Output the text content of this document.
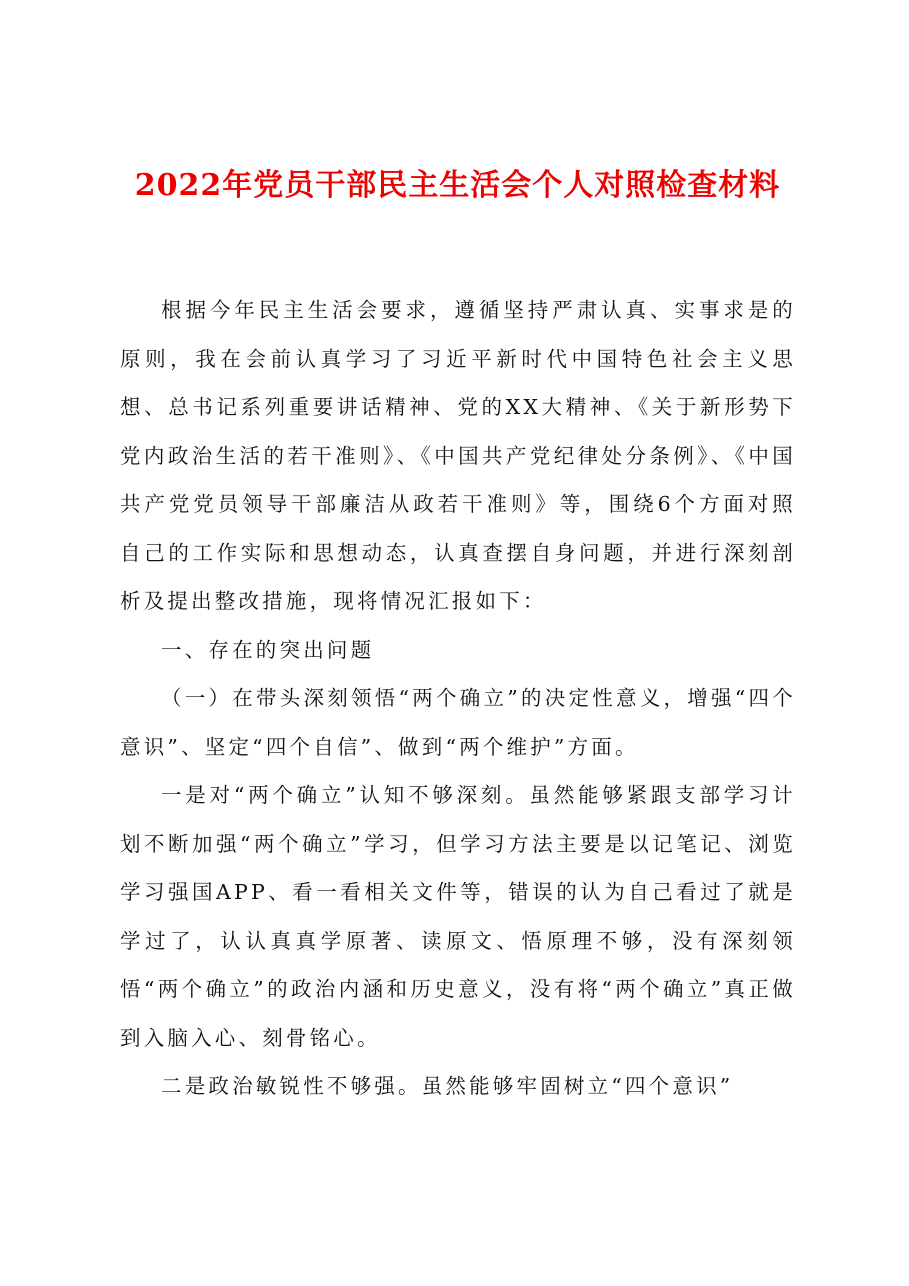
2022年党员干部民主生活会个人对照检查材料

根据今年民主生活会要求，遵循坚持严肃认真、实事求是的原则，我在会前认真学习了习近平新时代中国特色社会主义思想、总书记系列重要讲话精神、党的XX大精神、《关于新形势下党内政治生活的若干准则》、《中国共产党纪律处分条例》、《中国共产党党员领导干部廉洁从政若干准则》等，围绕6个方面对照自己的工作实际和思想动态，认真查摆自身问题，并进行深刻剖析及提出整改措施，现将情况汇报如下：

一、存在的突出问题

（一）在带头深刻领悟“两个确立”的决定性意义，增强“四个意识”、坚定“四个自信”、做到“两个维护”方面。

一是对“两个确立”认知不够深刻。虽然能够紧跟支部学习计划不断加强“两个确立”学习，但学习方法主要是以记笔记、浏览学习强国APP、看一看相关文件等，错误的认为自己看过了就是学过了，认认真真学原著、读原文、悟原理不够，没有深刻领悟“两个确立”的政治内涵和历史意义，没有将“两个确立”真正做到入脑入心、刻骨铭心。

二是政治敏锐性不够强。虽然能够牢固树立“四个意识”
